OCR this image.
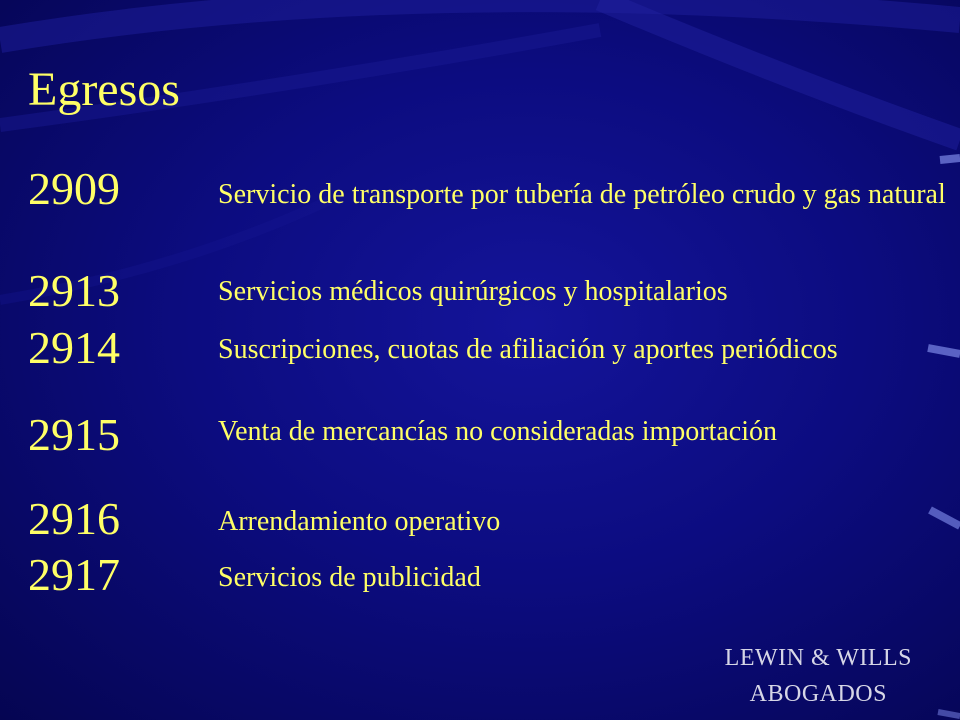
Egresos
2909	Servicio de transporte por tubería de petróleo crudo y gas natural
2913	Servicios médicos quirúrgicos y hospitalarios
2914	Suscripciones, cuotas de afiliación y aportes periódicos
2915	Venta de mercancías no consideradas importación
2916	Arrendamiento operativo
2917	Servicios de publicidad
LEWIN & WILLS
ABOGADOS
